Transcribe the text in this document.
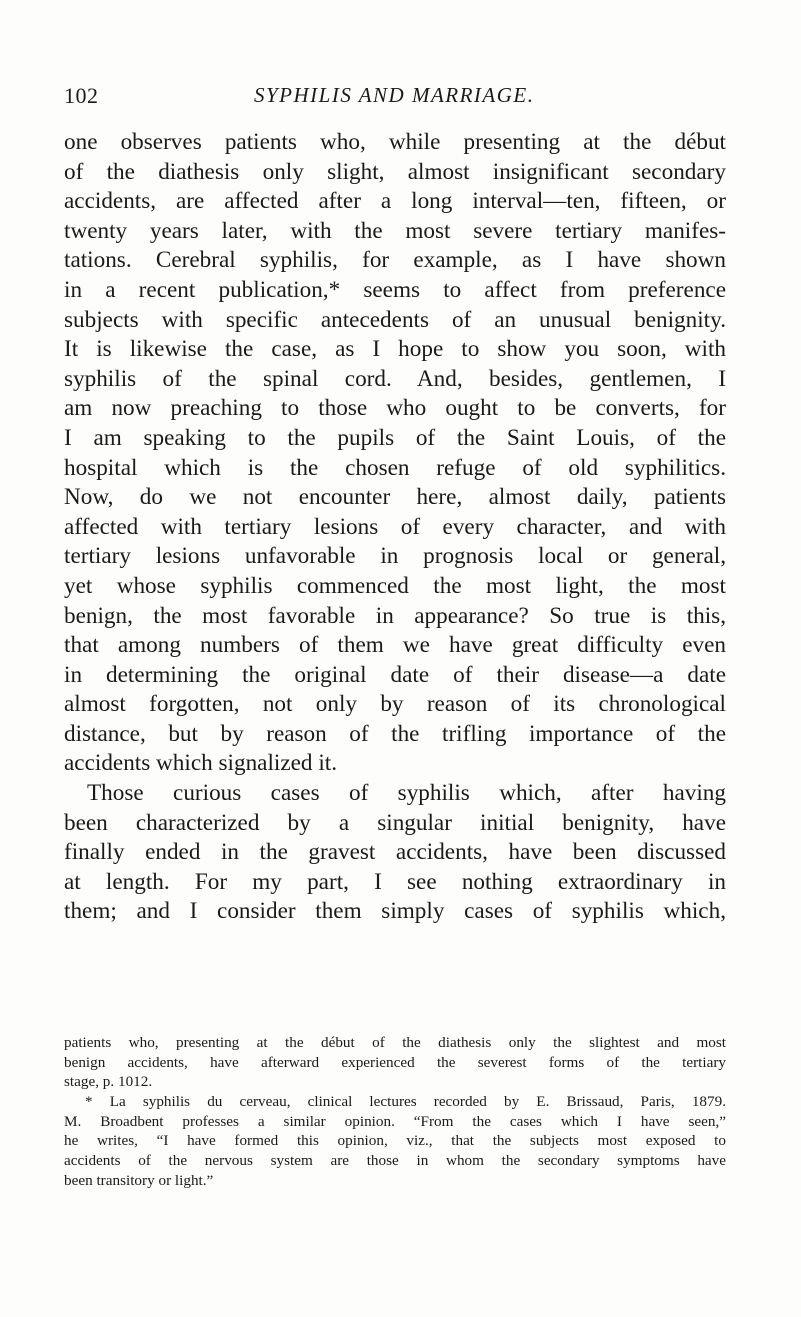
102	SYPHILIS AND MARRIAGE.
one observes patients who, while presenting at the début
of the diathesis only slight, almost insignificant secondary
accidents, are affected after a long interval—ten, fifteen, or
twenty years later, with the most severe tertiary manifes-
tations. Cerebral syphilis, for example, as I have shown
in a recent publication,* seems to affect from preference
subjects with specific antecedents of an unusual benignity.
It is likewise the case, as I hope to show you soon, with
syphilis of the spinal cord. And, besides, gentlemen, I
am now preaching to those who ought to be converts, for
I am speaking to the pupils of the Saint Louis, of the
hospital which is the chosen refuge of old syphilitics.
Now, do we not encounter here, almost daily, patients
affected with tertiary lesions of every character, and with
tertiary lesions unfavorable in prognosis local or general,
yet whose syphilis commenced the most light, the most
benign, the most favorable in appearance? So true is this,
that among numbers of them we have great difficulty even
in determining the original date of their disease—a date
almost forgotten, not only by reason of its chronological
distance, but by reason of the trifling importance of the
accidents which signalized it.
Those curious cases of syphilis which, after having
been characterized by a singular initial benignity, have
finally ended in the gravest accidents, have been discussed
at length. For my part, I see nothing extraordinary in
them; and I consider them simply cases of syphilis which,
patients who, presenting at the début of the diathesis only the slightest and most
benign accidents, have afterward experienced the severest forms of the tertiary
stage, p. 1012.
* La syphilis du cerveau, clinical lectures recorded by E. Brissaud, Paris, 1879.
M. Broadbent professes a similar opinion. “From the cases which I have seen,”
he writes, “I have formed this opinion, viz., that the subjects most exposed to
accidents of the nervous system are those in whom the secondary symptoms have
been transitory or light.”
